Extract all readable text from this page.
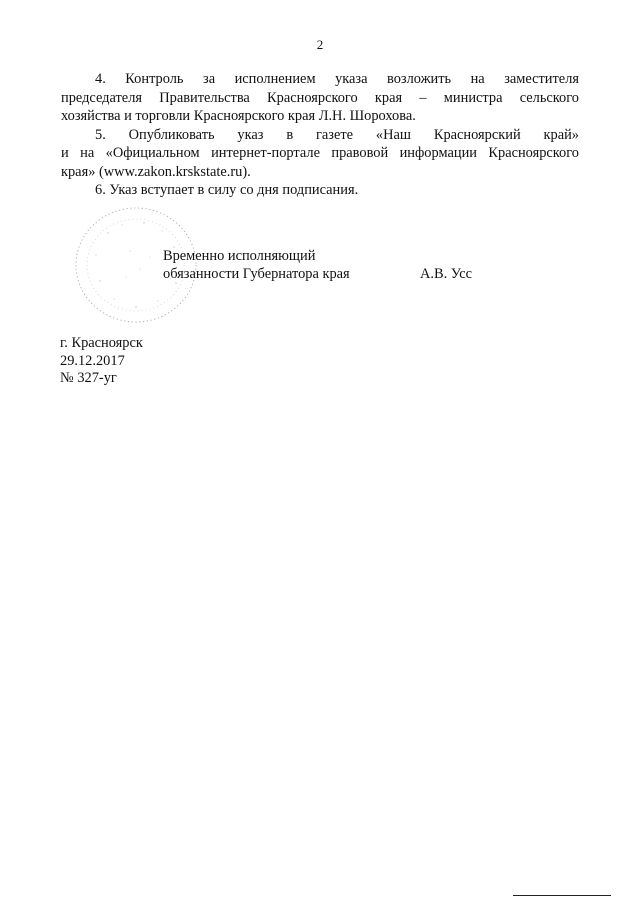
2

4. Контроль за исполнением указа возложить на заместителя
председателя Правительства Красноярского края – министра сельского
хозяйства и торговли Красноярского края Л.Н. Шорохова.

5. Опубликовать указ в газете «Наш Красноярский край»
и на «Официальном интернет-портале правовой информации Красноярского
края» (www.zakon.krskstate.ru).

6. Указ вступает в силу со дня подписания.

Временно исполняющий
обязанности Губернатора края	А.В. Усс
г. Красноярск
29.12.2017
№ 327-уг
